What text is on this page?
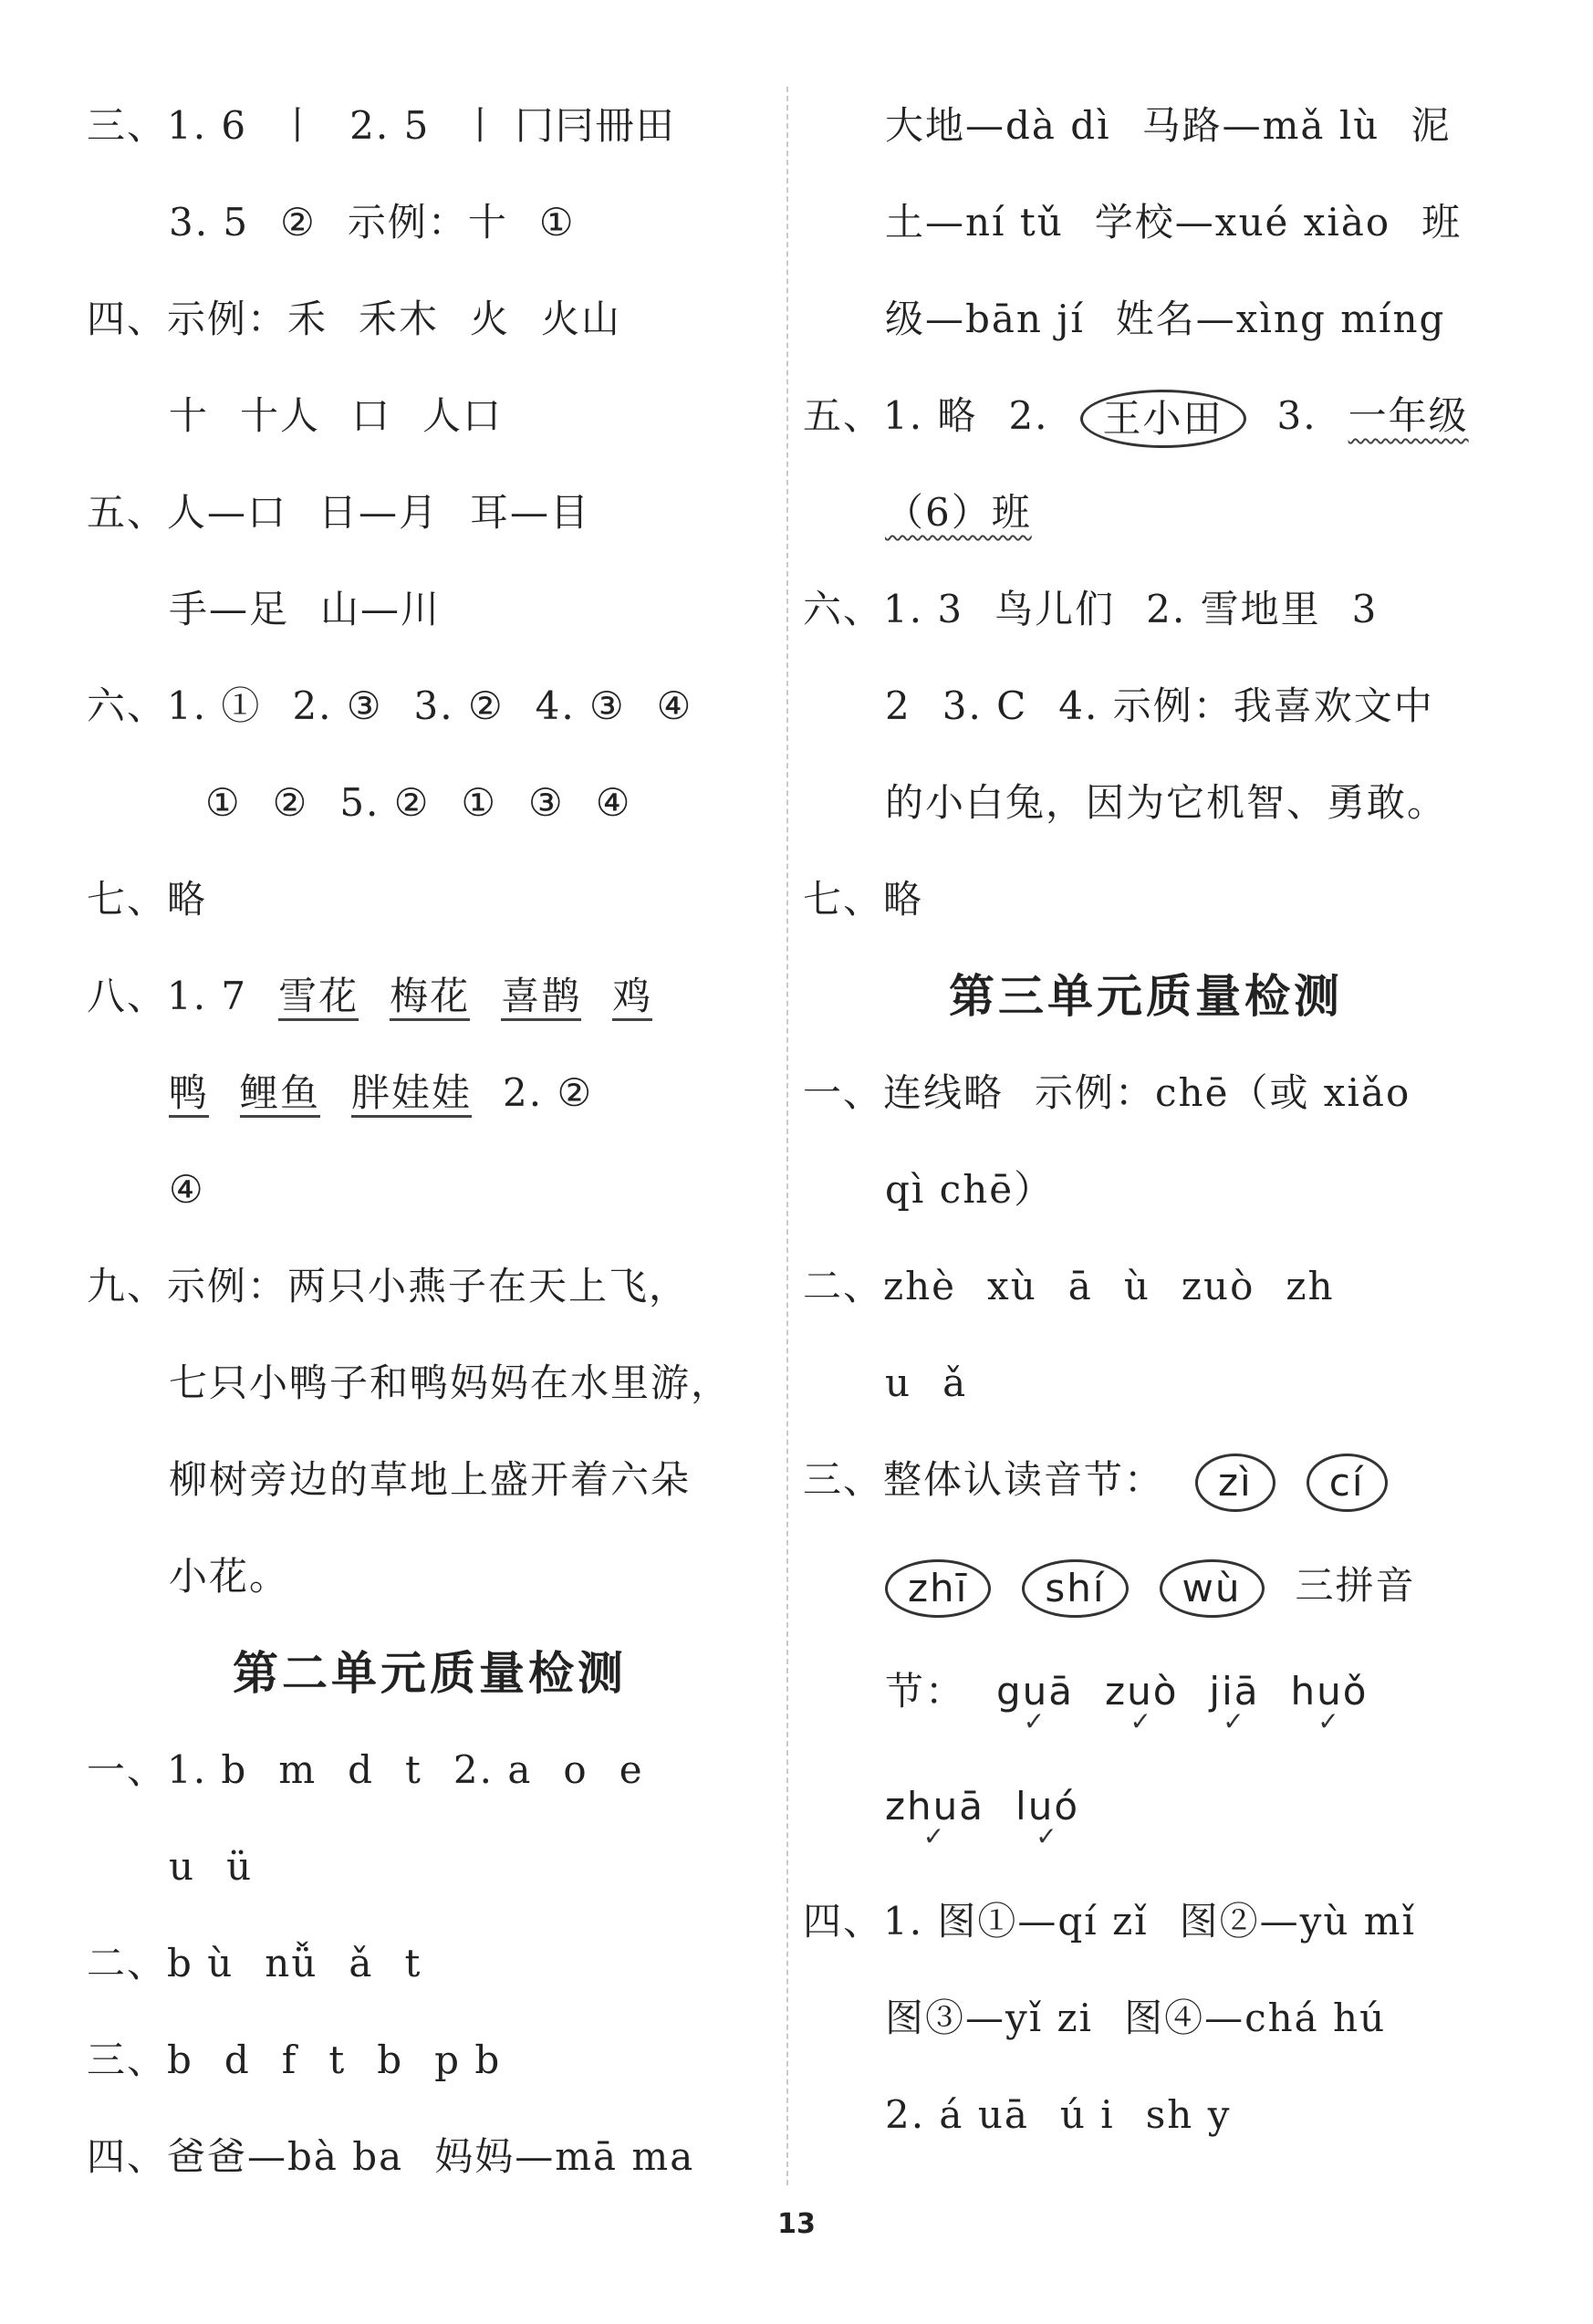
三、1. 6 丨 2. 5 丨 冂冃冊田
3. 5 ② 示例：十 ①
四、示例：禾 禾木 火 火山
十 十人 口 人口
五、人—口 日—月 耳—目
手—足 山—川
六、1. ① 2. ③ 3. ② 4. ③ ④
① ② 5. ② ① ③ ④
七、略
八、1. 7 雪花 梅花 喜鹊 鸡
鸭 鲤鱼 胖娃娃 2. ②
④
九、示例：两只小燕子在天上飞，
七只小鸭子和鸭妈妈在水里游，
柳树旁边的草地上盛开着六朵
小花。
第二单元质量检测
一、1. b m d t 2. a o e
u ü
二、b ù nǚ ǎ t
三、b d f t b p b
四、爸爸—bà ba 妈妈—mā ma
大地—dà dì 马路—mǎ lù 泥
土—ní tǔ 学校—xué xiào 班
级—bān jí 姓名—xìng míng
五、1. 略 2. 王小田 3. 一年级
（6）班
六、1. 3 鸟儿们 2. 雪地里 3
2 3. C 4. 示例：我喜欢文中
的小白兔，因为它机智、勇敢。
七、略
第三单元质量检测
一、连线略 示例：chē（或 xiǎo
qì chē）
二、zhè xù ā ù zuò zh
u ǎ
三、整体认读音节： zì cí
zhī shí wù 三拼音
节： guā ✓ zuò ✓ jiā ✓ huǒ ✓
zhuā ✓ luó ✓
四、1. 图①—qí zǐ 图②—yù mǐ
图③—yǐ zi 图④—chá hú
2. á uā ú i sh y
13
